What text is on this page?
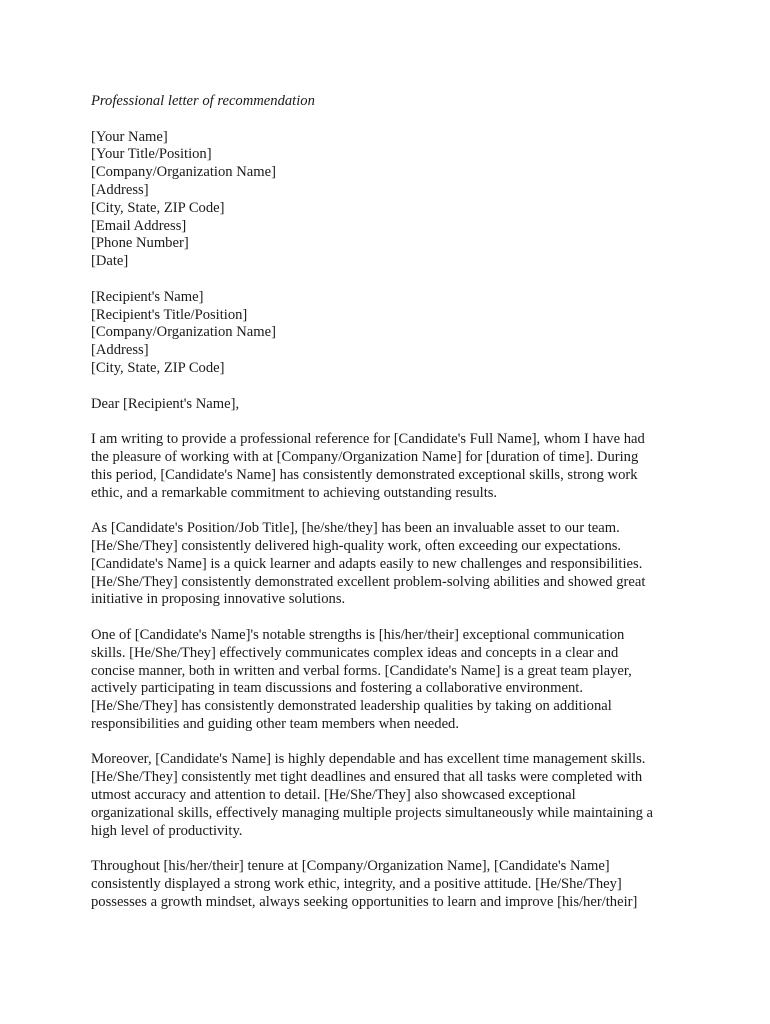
Professional letter of recommendation
[Your Name]
[Your Title/Position]
[Company/Organization Name]
[Address]
[City, State, ZIP Code]
[Email Address]
[Phone Number]
[Date]
[Recipient's Name]
[Recipient's Title/Position]
[Company/Organization Name]
[Address]
[City, State, ZIP Code]
Dear [Recipient's Name],
I am writing to provide a professional reference for [Candidate's Full Name], whom I have had
the pleasure of working with at [Company/Organization Name] for [duration of time]. During
this period, [Candidate's Name] has consistently demonstrated exceptional skills, strong work
ethic, and a remarkable commitment to achieving outstanding results.
As [Candidate's Position/Job Title], [he/she/they] has been an invaluable asset to our team.
[He/She/They] consistently delivered high-quality work, often exceeding our expectations.
[Candidate's Name] is a quick learner and adapts easily to new challenges and responsibilities.
[He/She/They] consistently demonstrated excellent problem-solving abilities and showed great
initiative in proposing innovative solutions.
One of [Candidate's Name]'s notable strengths is [his/her/their] exceptional communication
skills. [He/She/They] effectively communicates complex ideas and concepts in a clear and
concise manner, both in written and verbal forms. [Candidate's Name] is a great team player,
actively participating in team discussions and fostering a collaborative environment.
[He/She/They] has consistently demonstrated leadership qualities by taking on additional
responsibilities and guiding other team members when needed.
Moreover, [Candidate's Name] is highly dependable and has excellent time management skills.
[He/She/They] consistently met tight deadlines and ensured that all tasks were completed with
utmost accuracy and attention to detail. [He/She/They] also showcased exceptional
organizational skills, effectively managing multiple projects simultaneously while maintaining a
high level of productivity.
Throughout [his/her/their] tenure at [Company/Organization Name], [Candidate's Name]
consistently displayed a strong work ethic, integrity, and a positive attitude. [He/She/They]
possesses a growth mindset, always seeking opportunities to learn and improve [his/her/their]
